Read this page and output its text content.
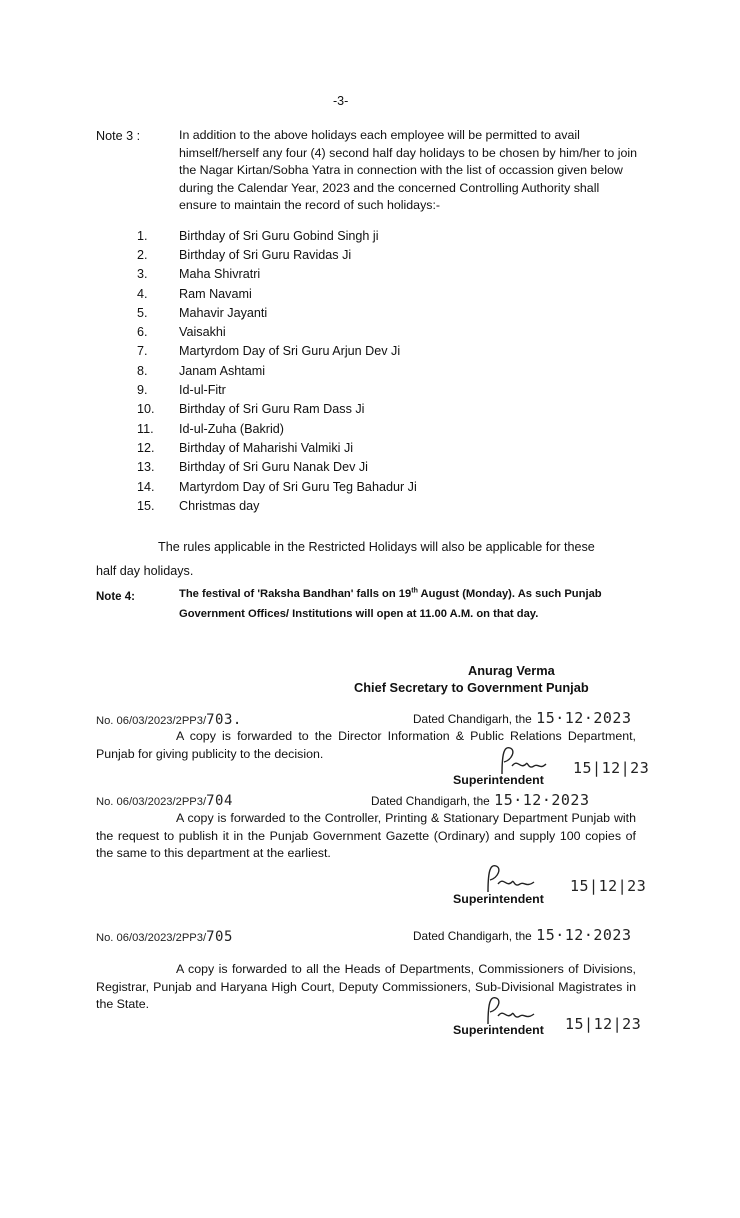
-3-
Note 3 :	In addition to the above holidays each employee will be permitted to avail himself/herself any four (4) second half day holidays to be chosen by him/her to join the Nagar Kirtan/Sobha Yatra in connection with the list of occassion given below during the Calendar Year, 2023 and the concerned Controlling Authority shall ensure to maintain the record of such holidays:-
1.	Birthday of Sri Guru Gobind Singh ji
2.	Birthday of Sri Guru Ravidas Ji
3.	Maha Shivratri
4.	Ram Navami
5.	Mahavir Jayanti
6.	Vaisakhi
7.	Martyrdom Day of Sri Guru Arjun Dev Ji
8.	Janam Ashtami
9.	Id-ul-Fitr
10.	Birthday of Sri Guru Ram Dass Ji
11.	Id-ul-Zuha (Bakrid)
12.	Birthday of Maharishi Valmiki Ji
13.	Birthday of Sri Guru Nanak Dev Ji
14.	Martyrdom Day of Sri Guru Teg Bahadur Ji
15.	Christmas day
The rules applicable in the Restricted Holidays will also be applicable for these
half day holidays.
Note 4:	The festival of 'Raksha Bandhan' falls on 19th August (Monday). As such Punjab
Government Offices/ Institutions will open at 11.00 A.M. on that day.
Anurag Verma
Chief Secretary to Government Punjab
No. 06/03/2023/2PP3/703.	Dated Chandigarh, the 15·12·2023
A copy is forwarded to the Director Information & Public Relations Department, Punjab for giving publicity to the decision.
15|12|23
Superintendent
No. 06/03/2023/2PP3/704	Dated Chandigarh, the 15·12·2023
A copy is forwarded to the Controller, Printing & Stationary Department Punjab with the request to publish it in the Punjab Government Gazette (Ordinary) and supply 100 copies of the same to this department at the earliest.
15|12|23
Superintendent
No. 06/03/2023/2PP3/705	Dated Chandigarh, the 15·12·2023
A copy is forwarded to all the Heads of Departments, Commissioners of Divisions, Registrar, Punjab and Haryana High Court, Deputy Commissioners, Sub-Divisional Magistrates in the State.
15|12|23
Superintendent
